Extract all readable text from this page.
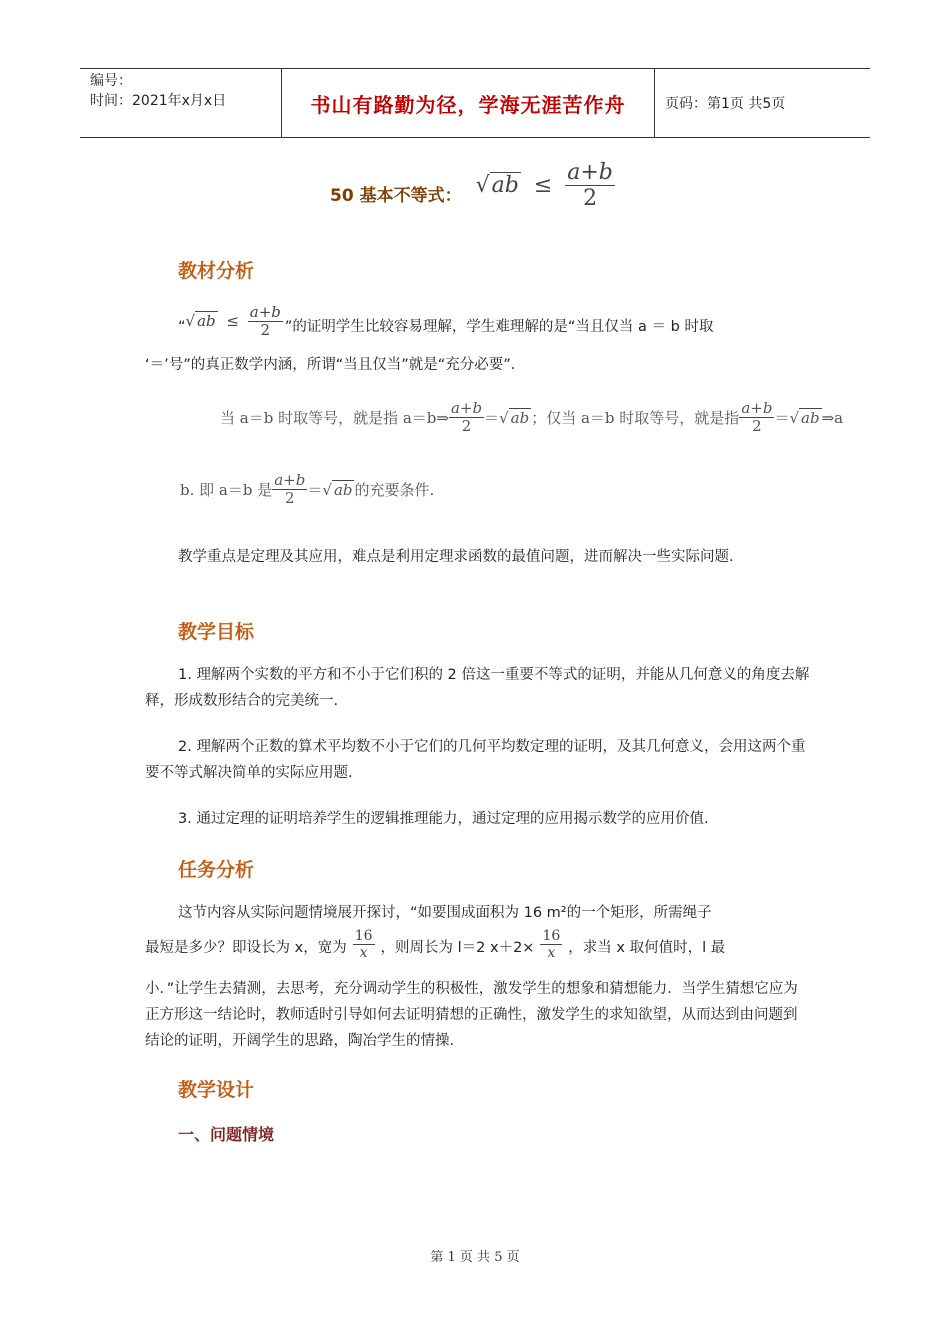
编号：
时间：2021年x月x日	书山有路勤为径，学海无涯苦作舟	页码：第1页 共5页
50 基本不等式： $√ab \le \frac{a+b}{2}$
教材分析
“ √ ab ≤ $\frac{a+b}{2}$ ”的证明学生比较容易理解，学生难理解的是“当且仅当 a ＝ b 时取
‘＝’号”的真正数学内涵，所谓“当且仅当”就是“充分必要”．
当 a＝b 时取等号，就是指 a＝b⇒ $\frac{a+b}{2}$ ＝ √ ab ；仅当 a＝b 时取等号，就是指 $\frac{a+b}{2}$ ＝ √ ab ⇒a
b. 即 a＝b 是 $\frac{a+b}{2}$ ＝ √ ab 的充要条件.
教学重点是定理及其应用，难点是利用定理求函数的最值问题，进而解决一些实际问题.
教学目标
1. 理解两个实数的平方和不小于它们积的 2 倍这一重要不等式的证明，并能从几何意义的角度去解释，形成数形结合的完美统一.
2. 理解两个正数的算术平均数不小于它们的几何平均数定理的证明，及其几何意义，会用这两个重要不等式解决简单的实际应用题.
3. 通过定理的证明培养学生的逻辑推理能力，通过定理的应用揭示数学的应用价值.
任务分析
这节内容从实际问题情境展开探讨，“如要围成面积为 16 m²的一个矩形，所需绳子
最短是多少？即设长为 x，宽为 $\frac{16}{x}$ ，则周长为 l＝2 $x+2\times \frac{16}{x}$ ，求当 x 取何值时，l 最
小．”让学生去猜测，去思考，充分调动学生的积极性，激发学生的想象和猜想能力．当学生猜想它应为正方形这一结论时，教师适时引导如何去证明猜想的正确性，激发学生的求知欲望，从而达到由问题到结论的证明，开阔学生的思路，陶冶学生的情操.
教学设计
一、问题情境
第 1 页 共 5 页
